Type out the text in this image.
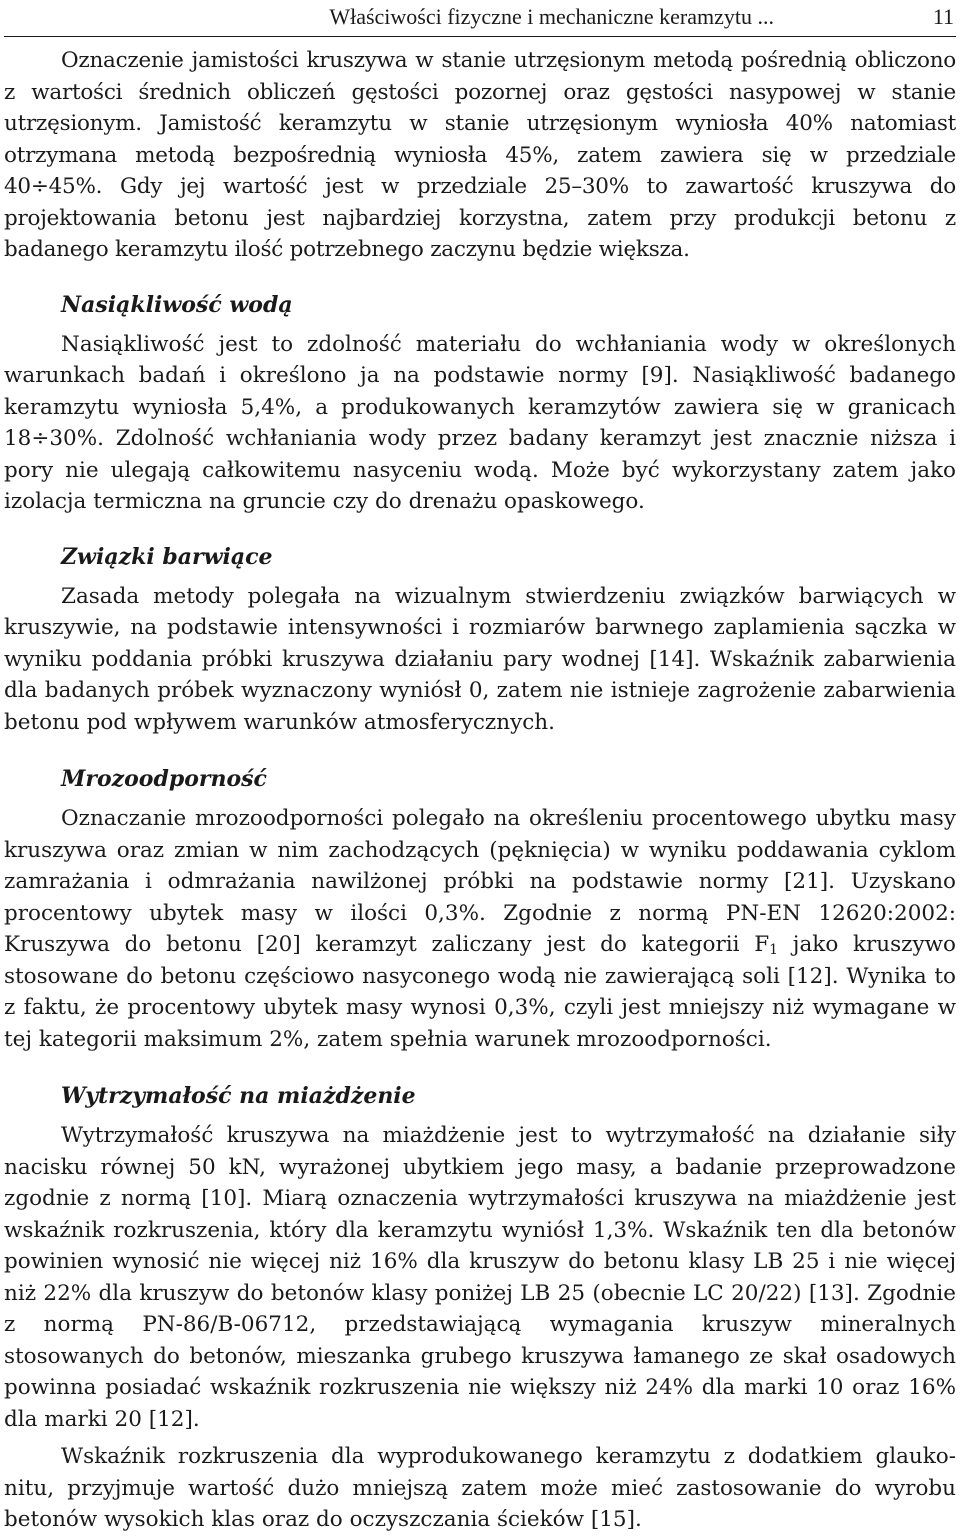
Właściwości fizyczne i mechaniczne keramzytu ...	11

Oznaczenie jamistości kruszywa w stanie utrzęsionym metodą pośrednią obliczono z wartości średnich obliczeń gęstości pozornej oraz gęstości nasypowej w stanie utrzęsionym. Jamistość keramzytu w stanie utrzęsionym wyniosła 40% natomiast otrzymana metodą bezpośrednią wyniosła 45%, zatem zawiera się w przedziale 40÷45%. Gdy jej wartość jest w przedziale 25–30% to zawartość kruszywa do projektowania betonu jest najbardziej korzystna, zatem przy produkcji betonu z badanego keramzytu ilość potrzebnego zaczynu będzie większa.

Nasiąkliwość wodą

Nasiąkliwość jest to zdolność materiału do wchłaniania wody w określonych warunkach badań i określono ja na podstawie normy [9]. Nasiąkliwość badanego keramzytu wyniosła 5,4%, a produkowanych keramzytów zawiera się w granicach 18÷30%. Zdolność wchłaniania wody przez badany keramzyt jest znacznie niższa i pory nie ulegają całkowitemu nasyceniu wodą. Może być wykorzystany zatem jako izolacja termiczna na gruncie czy do drenażu opaskowego.

Związki barwiące

Zasada metody polegała na wizualnym stwierdzeniu związków barwiących w kruszywie, na podstawie intensywności i rozmiarów barwnego zaplamienia sączka w wyniku poddania próbki kruszywa działaniu pary wodnej [14]. Wskaźnik zabarwienia dla badanych próbek wyznaczony wyniósł 0, zatem nie istnieje zagrożenie zabarwienia betonu pod wpływem warunków atmosferycznych.

Mrozoodporność

Oznaczanie mrozoodporności polegało na określeniu procentowego ubytku masy kruszywa oraz zmian w nim zachodzących (pęknięcia) w wyniku poddawania cyklom zamrażania i odmrażania nawilżonej próbki na podstawie normy [21]. Uzyskano procentowy ubytek masy w ilości 0,3%. Zgodnie z normą PN-EN 12620:2002: Kruszywa do betonu [20] keramzyt zaliczany jest do kategorii $F_1$ jako kruszywo stosowane do betonu częściowo nasyconego wodą nie zawierającą soli [12]. Wynika to z faktu, że procentowy ubytek masy wynosi 0,3%, czyli jest mniejszy niż wymagane w tej kategorii maksimum 2%, zatem spełnia warunek mrozoodporności.

Wytrzymałość na miażdżenie

Wytrzymałość kruszywa na miażdżenie jest to wytrzymałość na działanie siły nacisku równej 50 kN, wyrażonej ubytkiem jego masy, a badanie przeprowadzone zgodnie z normą [10]. Miarą oznaczenia wytrzymałości kruszywa na miażdżenie jest wskaźnik rozkruszenia, który dla keramzytu wyniósł 1,3%. Wskaźnik ten dla betonów powinien wynosić nie więcej niż 16% dla kruszyw do betonu klasy LB 25 i nie więcej niż 22% dla kruszyw do betonów klasy poniżej LB 25 (obecnie LC 20/22) [13]. Zgodnie z normą PN-86/B-06712, przedstawiającą wymagania kruszyw mineralnych stosowanych do betonów, mieszanka grubego kruszywa łamanego ze skał osadowych powinna posiadać wskaźnik rozkruszenia nie większy niż 24% dla marki 10 oraz 16% dla marki 20 [12].

Wskaźnik rozkruszenia dla wyprodukowanego keramzytu z dodatkiem glaukonitu, przyjmuje wartość dużo mniejszą zatem może mieć zastosowanie do wyrobu betonów wysokich klas oraz do oczyszczania ścieków [15].
